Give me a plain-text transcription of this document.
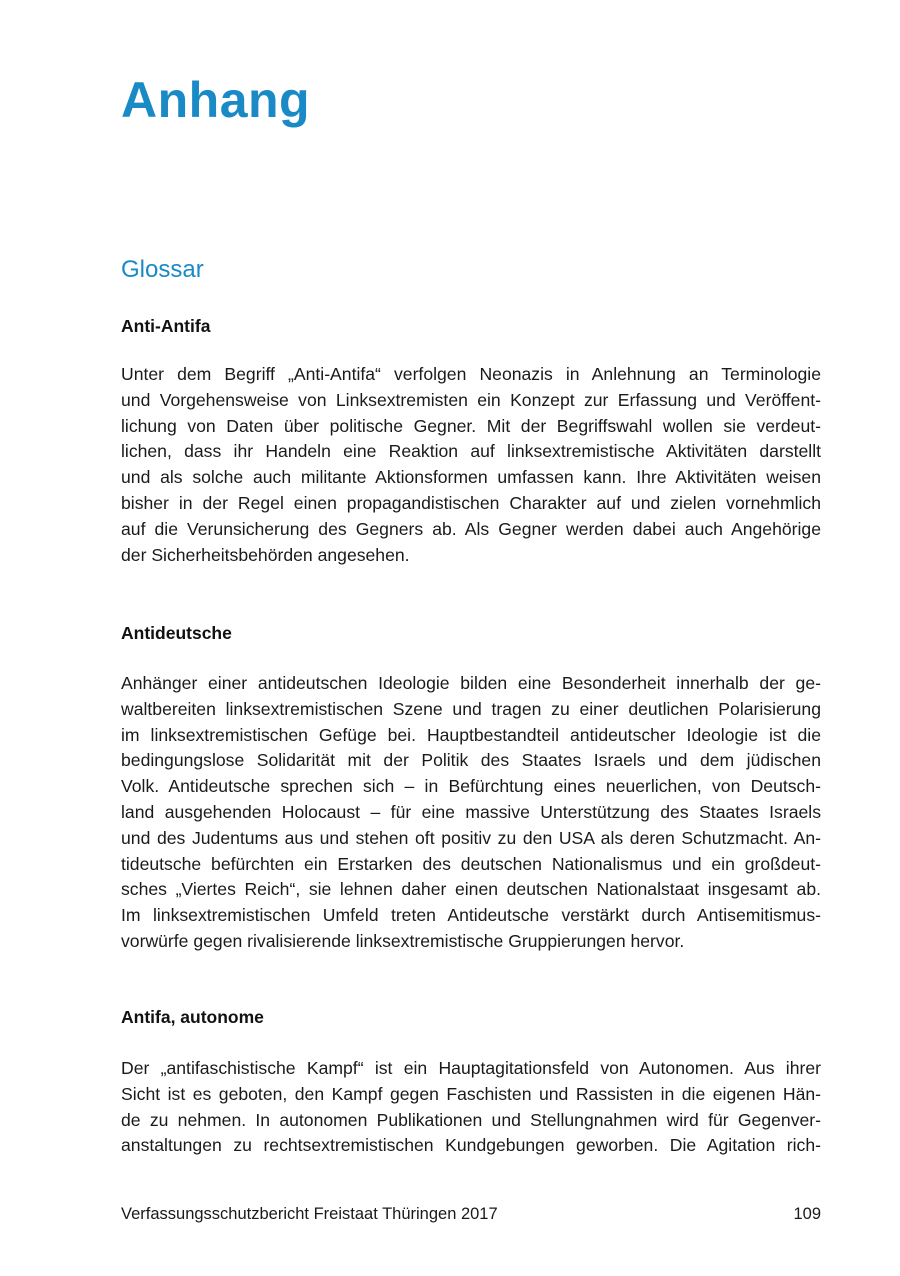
Anhang
Glossar
Anti-Antifa
Unter dem Begriff „Anti-Antifa“ verfolgen Neonazis in Anlehnung an Terminologie
und Vorgehensweise von Linksextremisten ein Konzept zur Erfassung und Veröffent-
lichung von Daten über politische Gegner. Mit der Begriffswahl wollen sie verdeut-
lichen, dass ihr Handeln eine Reaktion auf linksextremistische Aktivitäten darstellt
und als solche auch militante Aktionsformen umfassen kann. Ihre Aktivitäten weisen
bisher in der Regel einen propagandistischen Charakter auf und zielen vornehmlich
auf die Verunsicherung des Gegners ab. Als Gegner werden dabei auch Angehörige
der Sicherheitsbehörden angesehen.
Antideutsche
Anhänger einer antideutschen Ideologie bilden eine Besonderheit innerhalb der ge-
waltbereiten linksextremistischen Szene und tragen zu einer deutlichen Polarisierung
im linksextremistischen Gefüge bei. Hauptbestandteil antideutscher Ideologie ist die
bedingungslose Solidarität mit der Politik des Staates Israels und dem jüdischen
Volk. Antideutsche sprechen sich – in Befürchtung eines neuerlichen, von Deutsch-
land ausgehenden Holocaust – für eine massive Unterstützung des Staates Israels
und des Judentums aus und stehen oft positiv zu den USA als deren Schutzmacht. An-
tideutsche befürchten ein Erstarken des deutschen Nationalismus und ein großdeut-
sches „Viertes Reich“, sie lehnen daher einen deutschen Nationalstaat insgesamt ab.
Im linksextremistischen Umfeld treten Antideutsche verstärkt durch Antisemitismus-
vorwürfe gegen rivalisierende linksextremistische Gruppierungen hervor.
Antifa, autonome
Der „antifaschistische Kampf“ ist ein Hauptagitationsfeld von Autonomen. Aus ihrer
Sicht ist es geboten, den Kampf gegen Faschisten und Rassisten in die eigenen Hän-
de zu nehmen. In autonomen Publikationen und Stellungnahmen wird für Gegenver-
anstaltungen zu rechtsextremistischen Kundgebungen geworben. Die Agitation rich-
Verfassungsschutzbericht Freistaat Thüringen 2017	109
